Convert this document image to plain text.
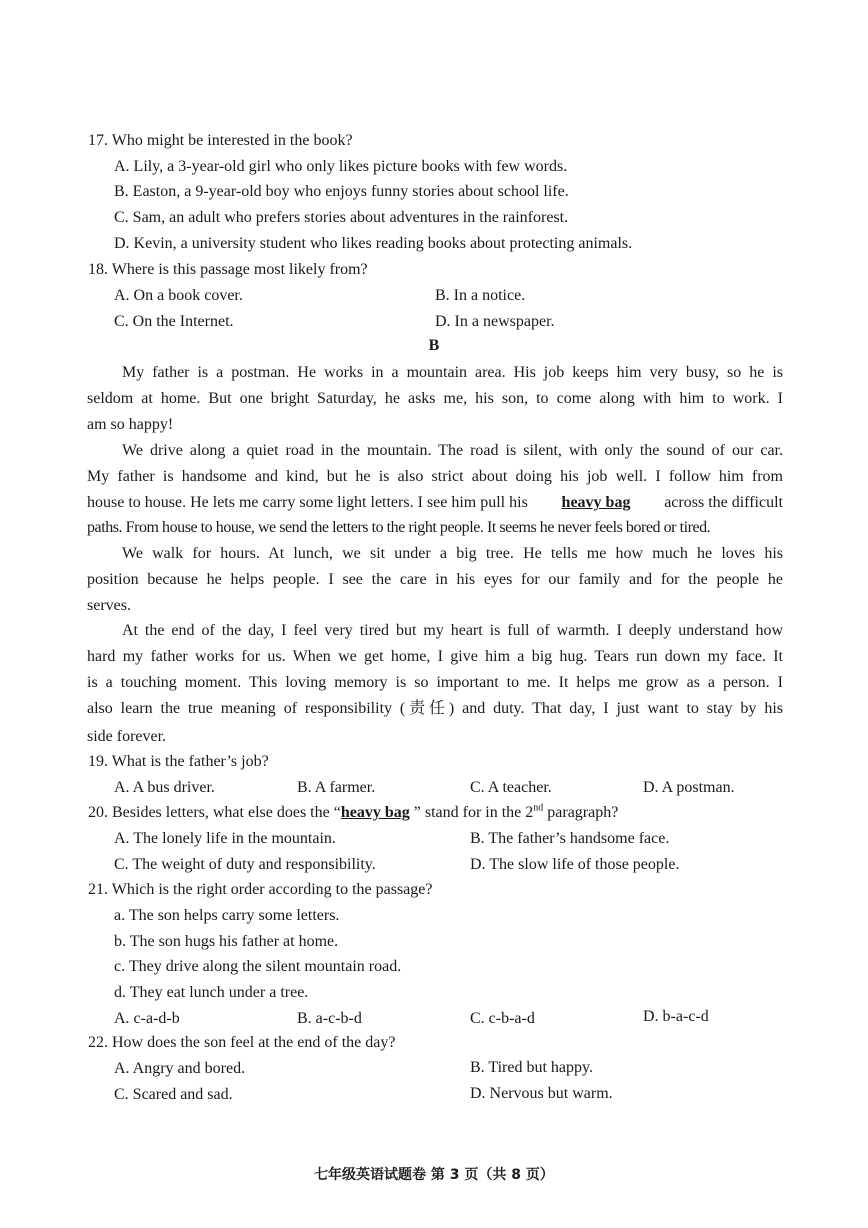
17. Who might be interested in the book?
A. Lily, a 3-year-old girl who only likes picture books with few words.
B. Easton, a 9-year-old boy who enjoys funny stories about school life.
C. Sam, an adult who prefers stories about adventures in the rainforest.
D. Kevin, a university student who likes reading books about protecting animals.
18. Where is this passage most likely from?
A. On a book cover.	B. In a notice.
C. On the Internet.	D. In a newspaper.
B
My father is a postman. He works in a mountain area. His job keeps him very busy, so he is
seldom at home. But one bright Saturday, he asks me, his son, to come along with him to work. I
am so happy!
We drive along a quiet road in the mountain. The road is silent, with only the sound of our car.
My father is handsome and kind, but he is also strict about doing his job well. I follow him from
house to house. He lets me carry some light letters. I see him pull his heavy bag across the difficult
paths. From house to house, we send the letters to the right people. It seems he never feels bored or tired.
We walk for hours. At lunch, we sit under a big tree. He tells me how much he loves his
position because he helps people. I see the care in his eyes for our family and for the people he
serves.
At the end of the day, I feel very tired but my heart is full of warmth. I deeply understand how
hard my father works for us. When we get home, I give him a big hug. Tears run down my face. It
is a touching moment. This loving memory is so important to me. It helps me grow as a person. I
also learn the true meaning of responsibility (责任) and duty. That day, I just want to stay by his
side forever.
19. What is the father’s job?
A. A bus driver.	B. A farmer.	C. A teacher.	D. A postman.
20. Besides letters, what else does the “heavy bag ” stand for in the 2nd paragraph?
A. The lonely life in the mountain.	B. The father’s handsome face.
C. The weight of duty and responsibility.	D. The slow life of those people.
21. Which is the right order according to the passage?
a. The son helps carry some letters.
b. The son hugs his father at home.
c. They drive along the silent mountain road.
d. They eat lunch under a tree.
A. c-a-d-b	B. a-c-b-d	C. c-b-a-d	D. b-a-c-d
22. How does the son feel at the end of the day?
A. Angry and bored.	B. Tired but happy.
C. Scared and sad.	D. Nervous but warm.
七年级英语试题卷 第 3 页（共 8 页）
